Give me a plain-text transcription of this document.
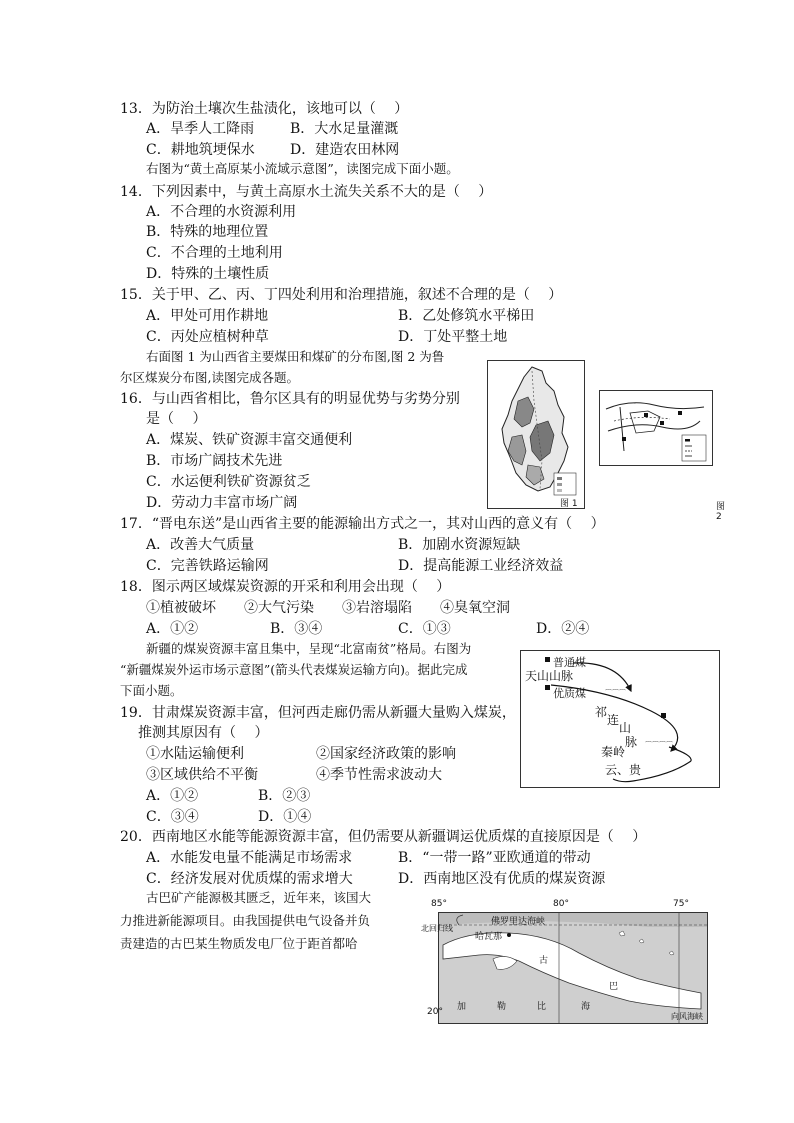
13．为防治土壤次生盐渍化，该地可以（　 ）
A．旱季人工降雨	B．大水足量灌溉
C．耕地筑埂保水	D．建造农田林网
右图为“黄土高原某小流域示意图”，读图完成下面小题。
14．下列因素中，与黄土高原水土流失关系不大的是（　 ）
A．不合理的水资源利用
B．特殊的地理位置
C．不合理的土地利用
D．特殊的土壤性质
15．关于甲、乙、丙、丁四处利用和治理措施，叙述不合理的是（　 ）
A．甲处可用作耕地	B．乙处修筑水平梯田
C．丙处应植树种草	D．丁处平整土地
右面图 1 为山西省主要煤田和煤矿的分布图,图 2 为鲁
尔区煤炭分布图,读图完成各题。
16．与山西省相比，鲁尔区具有的明显优势与劣势分别
是（　 ）
A．煤炭、铁矿资源丰富交通便利
B．市场广阔技术先进
C．水运便利铁矿资源贫乏
D．劳动力丰富市场广阔	图 1	图 2
17．“晋电东送”是山西省主要的能源输出方式之一，其对山西的意义有（　 ）
A．改善大气质量	B．加剧水资源短缺
C．完善铁路运输网	D．提高能源工业经济效益
18．图示两区域煤炭资源的开采和利用会出现（　 ）
①植被破坏　　②大气污染　　③岩溶塌陷　　④臭氧空洞
A．①②	B．③④	C．①③	D．②④
新疆的煤炭资源丰富且集中，呈现“北富南贫”格局。右图为
“新疆煤炭外运市场示意图”(箭头代表煤炭运输方向)。据此完成
下面小题。	⌒⌒⌒
⌒⌒⌒⌒
天山山脉
普通煤
优质煤
祁
连
山
脉
秦岭
云、贵
19．甘肃煤炭资源丰富，但河西走廊仍需从新疆大量购入煤炭，
推测其原因有（　 ）
①水陆运输便利	②国家经济政策的影响
③区域供给不平衡	④季节性需求波动大
A．①②	B．②③
C．③④	D．①④
20．西南地区水能等能源资源丰富，但仍需要从新疆调运优质煤的直接原因是（　 ）
A．水能发电量不能满足市场需求	B．“一带一路”亚欧通道的带动
C．经济发展对优质煤的需求增大	D．西南地区没有优质的煤炭资源
古巴矿产能源极其匮乏，近年来，该国大
力推进新能源项目。由我国提供电气设备并负
责建造的古巴某生物质发电厂位于距首都哈
85°	80°	75°
佛罗里达海峡
北回归线
哈瓦那
古
巴
加	勒	比	海
20°	向风海峡
